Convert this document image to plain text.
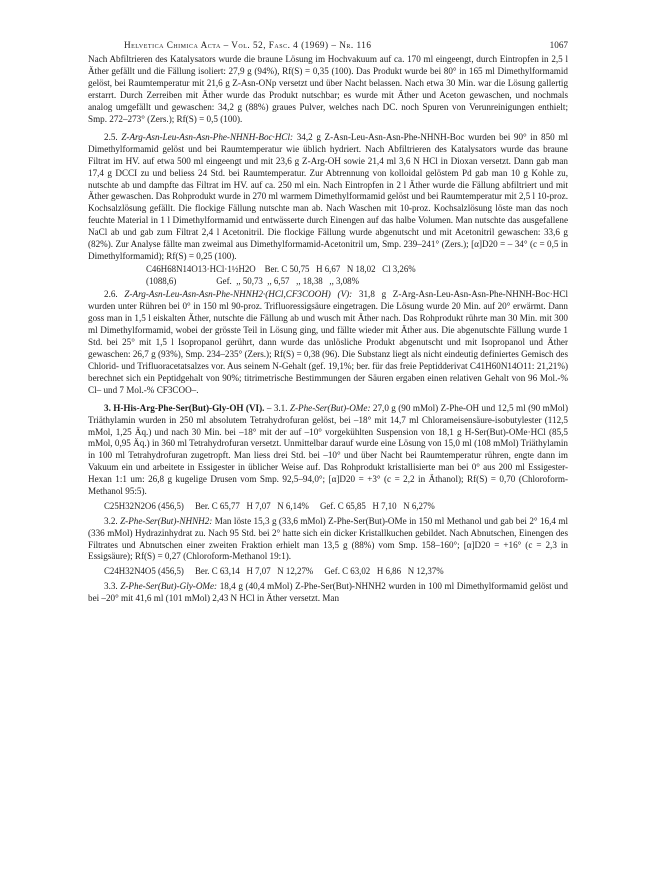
Helvetica Chimica Acta – Vol. 52, Fasc. 4 (1969) – Nr. 116	1067

Nach Abfiltrieren des Katalysators wurde die braune Lösung im Hochvakuum auf ca. 170 ml eingeengt, durch Eintropfen in 2,5 l Äther gefällt und die Fällung isoliert: 27,9 g (94%), Rf(S) = 0,35 (100). Das Produkt wurde bei 80° in 165 ml Dimethylformamid gelöst, bei Raumtemperatur mit 21,6 g Z-Asn-ONp versetzt und über Nacht belassen. Nach etwa 30 Min. war die Lösung gallertig erstarrt. Durch Zerreiben mit Äther wurde das Produkt nutschbar; es wurde mit Äther und Aceton gewaschen, und nochmals analog umgefällt und gewaschen: 34,2 g (88%) graues Pulver, welches nach DC. noch Spuren von Verunreinigungen enthielt; Smp. 272–273° (Zers.); Rf(S) = 0,5 (100).

2.5. Z-Arg-Asn-Leu-Asn-Asn-Phe-NHNH-Boc·HCl: 34,2 g Z-Asn-Leu-Asn-Asn-Phe-NHNH-Boc wurden bei 90° in 850 ml Dimethylformamid gelöst und bei Raumtemperatur wie üblich hydriert. Nach Abfiltrieren des Katalysators wurde das braune Filtrat im HV. auf etwa 500 ml eingeengt und mit 23,6 g Z-Arg-OH sowie 21,4 ml 3,6 N HCl in Dioxan versetzt. Dann gab man 17,4 g DCCI zu und beliess 24 Std. bei Raumtemperatur. Zur Abtrennung von kolloidal gelöstem Pd gab man 10 g Kohle zu, nutschte ab und dampfte das Filtrat im HV. auf ca. 250 ml ein. Nach Eintropfen in 2 l Äther wurde die Fällung abfiltriert und mit Äther gewaschen. Das Rohprodukt wurde in 270 ml warmem Dimethylformamid gelöst und bei Raumtemperatur mit 2,5 l 10-proz. Kochsalzlösung gefällt. Die flockige Fällung nutschte man ab. Nach Waschen mit 10-proz. Kochsalzlösung löste man das noch feuchte Material in 1 l Dimethylformamid und entwässerte durch Einengen auf das halbe Volumen. Man nutschte das ausgefallene NaCl ab und gab zum Filtrat 2,4 l Acetonitril. Die flockige Fällung wurde abgenutscht und mit Acetonitril gewaschen: 33,6 g (82%). Zur Analyse fällte man zweimal aus Dimethylformamid-Acetonitril um, Smp. 239–241° (Zers.); [α]D20 = – 34° (c = 0,5 in Dimethylformamid); Rf(S) = 0,25 (100).

C46H68N14O13·HCl·1½H2O    Ber. C 50,75   H 6,67   N 18,02   Cl 3,26%
(1088,6)                  Gef.  ,, 50,73  ,, 6,57   ,, 18,38   ,, 3,08%

2.6. Z-Arg-Asn-Leu-Asn-Asn-Phe-NHNH2·(HCl,CF3COOH) (V): 31,8 g Z-Arg-Asn-Leu-Asn-Asn-Phe-NHNH-Boc·HCl wurden unter Rühren bei 0° in 150 ml 90-proz. Trifluoressigsäure eingetragen. Die Lösung wurde 20 Min. auf 20° erwärmt. Dann goss man in 1,5 l eiskalten Äther, nutschte die Fällung ab und wusch mit Äther nach. Das Rohprodukt rührte man 30 Min. mit 300 ml Dimethylformamid, wobei der grösste Teil in Lösung ging, und fällte wieder mit Äther aus. Die abgenutschte Fällung wurde 1 Std. bei 25° mit 1,5 l Isopropanol gerührt, dann wurde das unlösliche Produkt abgenutscht und mit Isopropanol und Äther gewaschen: 26,7 g (93%), Smp. 234–235° (Zers.); Rf(S) = 0,38 (96). Die Substanz liegt als nicht eindeutig definiertes Gemisch des Chlorid- und Trifluoracetatsalzes vor. Aus seinem N-Gehalt (gef. 19,1%; ber. für das freie Peptidderivat C41H60N14O11: 21,21%) berechnet sich ein Peptidgehalt von 90%; titrimetrische Bestimmungen der Säuren ergaben einen relativen Gehalt von 96 Mol.-% Cl– und 7 Mol.-% CF3COO–.

3. H-His-Arg-Phe-Ser(But)-Gly-OH (VI). – 3.1. Z-Phe-Ser(But)-OMe: 27,0 g (90 mMol) Z-Phe-OH und 12,5 ml (90 mMol) Triäthylamin wurden in 250 ml absolutem Tetrahydrofuran gelöst, bei –18° mit 14,7 ml Chlorameisensäure-isobutylester (112,5 mMol, 1,25 Äq.) und nach 30 Min. bei –18° mit der auf –10° vorgekühlten Suspension von 18,1 g H-Ser(But)-OMe·HCl (85,5 mMol, 0,95 Äq.) in 360 ml Tetrahydrofuran versetzt. Unmittelbar darauf wurde eine Lösung von 15,0 ml (108 mMol) Triäthylamin in 100 ml Tetrahydrofuran zugetropft. Man liess drei Std. bei –10° und über Nacht bei Raumtemperatur rühren, engte dann im Vakuum ein und arbeitete in Essigester in üblicher Weise auf. Das Rohprodukt kristallisierte man bei 0° aus 200 ml Essigester-Hexan 1:1 um: 26,8 g kugelige Drusen vom Smp. 92,5–94,0°; [α]D20 = +3° (c = 2,2 in Äthanol); Rf(S) = 0,70 (Chloroform-Methanol 95:5).

C25H32N2O6 (456,5)     Ber. C 65,77   H 7,07   N 6,14%     Gef. C 65,85   H 7,10   N 6,27%

3.2. Z-Phe-Ser(But)-NHNH2: Man löste 15,3 g (33,6 mMol) Z-Phe-Ser(But)-OMe in 150 ml Methanol und gab bei 2° 16,4 ml (336 mMol) Hydrazinhydrat zu. Nach 95 Std. bei 2° hatte sich ein dicker Kristallkuchen gebildet. Nach Abnutschen, Einengen des Filtrates und Abnutschen einer zweiten Fraktion erhielt man 13,5 g (88%) vom Smp. 158–160°; [α]D20 = +16° (c = 2,3 in Essigsäure); Rf(S) = 0,27 (Chloroform-Methanol 19:1).

C24H32N4O5 (456,5)     Ber. C 63,14   H 7,07   N 12,27%     Gef. C 63,02   H 6,86   N 12,37%

3.3. Z-Phe-Ser(But)-Gly-OMe: 18,4 g (40,4 mMol) Z-Phe-Ser(But)-NHNH2 wurden in 100 ml Dimethylformamid gelöst und bei –20° mit 41,6 ml (101 mMol) 2,43 N HCl in Äther versetzt. Man
